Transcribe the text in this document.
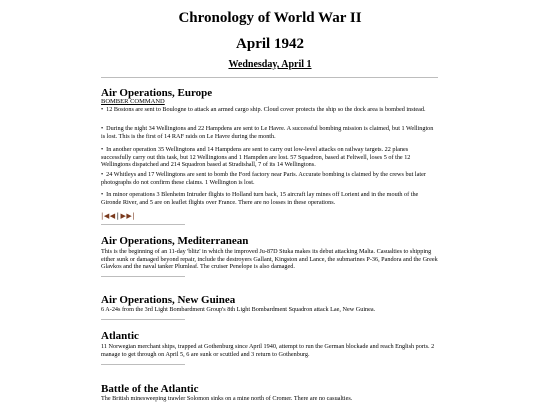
Chronology of World War II
April 1942
Wednesday, April 1
Air Operations, Europe
BOMBER COMMAND
• 12 Bostons are sent to Boulogne to attack an armed cargo ship. Cloud cover protects the ship so the dock area is bombed instead.
• During the night 34 Wellingtons and 22 Hampdens are sent to Le Havre. A successful bombing mission is claimed, but 1 Wellington is lost. This is the first of 14 RAF raids on Le Havre during the month.
• In another operation 35 Wellingtons and 14 Hampdens are sent to carry out low-level attacks on railway targets. 22 planes successfully carry out this task, but 12 Wellingtons and 1 Hampden are lost. 57 Squadron, based at Feltwell, loses 5 of the 12 Wellingtons dispatched and 214 Squadron based at Stradishall, 7 of its 14 Wellingtons.
• 24 Whitleys and 17 Wellingtons are sent to bomb the Ford factory near Paris. Accurate bombing is claimed by the crews but later photographs do not confirm these claims. 1 Wellington is lost.
• In minor operations 3 Blenheim Intruder flights to Holland turn back, 15 aircraft lay mines off Lorient and in the mouth of the Gironde River, and 5 are on leaflet flights over France. There are no losses in these operations.
|◀◀|▶▶|
Air Operations, Mediterranean
This is the beginning of an 11-day 'blitz' in which the improved Ju-87D Stuka makes its debut attacking Malta. Casualties to shipping either sunk or damaged beyond repair, include the destroyers Gallant, Kingston and Lance, the submarines P-36, Pandora and the Greek Glavkos and the naval tanker Plumleaf. The cruiser Penelope is also damaged.
Air Operations, New Guinea
6 A-24s from the 3rd Light Bombardment Group's 8th Light Bombardment Squadron attack Lae, New Guinea.
Atlantic
11 Norwegian merchant ships, trapped at Gothenburg since April 1940, attempt to run the German blockade and reach English ports. 2 manage to get through on April 5, 6 are sunk or scuttled and 3 return to Gothenburg.
Battle of the Atlantic
The British minesweeping trawler Solomon sinks on a mine north of Cromer. There are no casualties.
